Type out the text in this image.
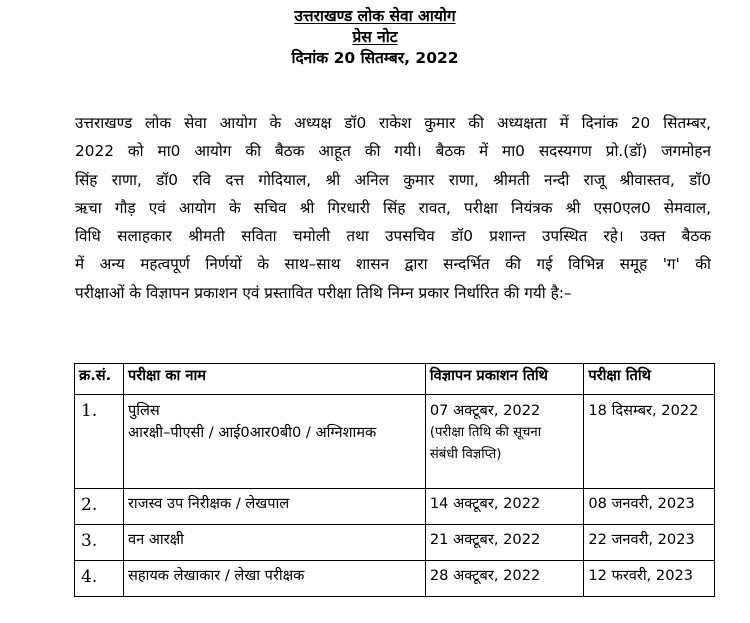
उत्तराखण्ड लोक सेवा आयोग
प्रेस नोट
दिनांक 20 सितम्बर, 2022
उत्तराखण्ड लोक सेवा आयोग के अध्यक्ष डॉ0 राकेश कुमार की अध्यक्षता में दिनांक 20 सितम्बर,
2022 को मा0 आयोग की बैठक आहूत की गयी। बैठक में मा0 सदस्यगण प्रो.(डॉ) जगमोहन
सिंह राणा, डॉ0 रवि दत्त गोदियाल, श्री अनिल कुमार राणा, श्रीमती नन्दी राजू श्रीवास्तव, डॉ0
ऋचा गौड़ एवं आयोग के सचिव श्री गिरधारी सिंह रावत, परीक्षा नियंत्रक श्री एस0एल0 सेमवाल,
विधि सलाहकार श्रीमती सविता चमोली तथा उपसचिव डॉ0 प्रशान्त उपस्थित रहे। उक्त बैठक
में अन्य महत्वपूर्ण निर्णयों के साथ–साथ शासन द्वारा सन्दर्भित की गई विभिन्न समूह 'ग' की
परीक्षाओं के विज्ञापन प्रकाशन एवं प्रस्तावित परीक्षा तिथि निम्न प्रकार निर्धारित की गयी है:–
क्र.सं.	परीक्षा का नाम	विज्ञापन प्रकाशन तिथि	परीक्षा तिथि
1.	पुलिस
आरक्षी–पीएसी / आई0आर0बी0 / अग्निशामक	07 अक्टूबर, 2022
(परीक्षा तिथि की सूचना
संबंधी विज्ञप्ति)	18 दिसम्बर, 2022
2.	राजस्व उप निरीक्षक / लेखपाल	14 अक्टूबर, 2022	08 जनवरी, 2023
3.	वन आरक्षी	21 अक्टूबर, 2022	22 जनवरी, 2023
4.	सहायक लेखाकार / लेखा परीक्षक	28 अक्टूबर, 2022	12 फरवरी, 2023
